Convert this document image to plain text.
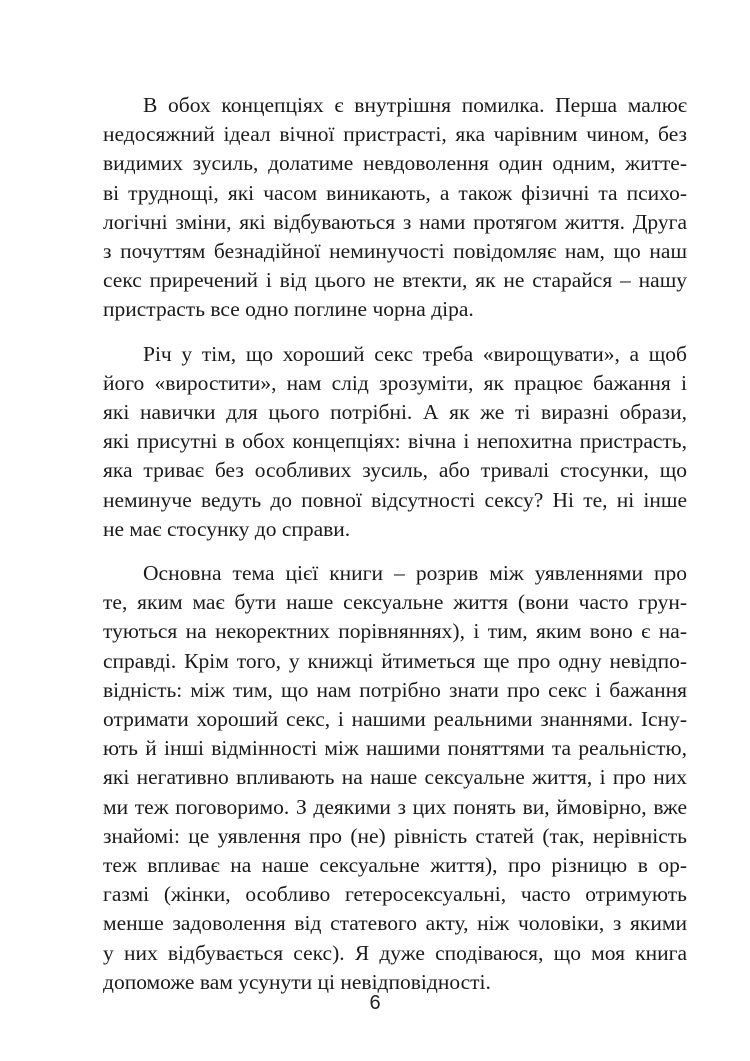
В обох концепціях є внутрішня помилка. Перша малює
недосяжний ідеал вічної пристрасті, яка чарівним чином, без
видимих зусиль, долатиме невдоволення один одним, житте-
ві труднощі, які часом виникають, а також фізичні та психо-
логічні зміни, які відбуваються з нами протягом життя. Друга
з почуттям безнадійної неминучості повідомляє нам, що наш
секс приречений і від цього не втекти, як не старайся – нашу
пристрасть все одно поглине чорна діра.

Річ у тім, що хороший секс треба «вирощувати», а щоб
його «виростити», нам слід зрозуміти, як працює бажання і
які навички для цього потрібні. А як же ті виразні образи,
які присутні в обох концепціях: вічна і непохитна пристрасть,
яка триває без особливих зусиль, або тривалі стосунки, що
неминуче ведуть до повної відсутності сексу? Ні те, ні інше
не має стосунку до справи.

Основна тема цієї книги – розрив між уявленнями про
те, яким має бути наше сексуальне життя (вони часто грун-
туються на некоректних порівняннях), і тим, яким воно є на-
справді. Крім того, у книжці йтиметься ще про одну невідпо-
відність: між тим, що нам потрібно знати про секс і бажання
отримати хороший секс, і нашими реальними знаннями. Існу-
ють й інші відмінності між нашими поняттями та реальністю,
які негативно впливають на наше сексуальне життя, і про них
ми теж поговоримо. З деякими з цих понять ви, ймовірно, вже
знайомі: це уявлення про (не) рівність статей (так, нерівність
теж впливає на наше сексуальне життя), про різницю в ор-
газмі (жінки, особливо гетеросексуальні, часто отримують
менше задоволення від статевого акту, ніж чоловіки, з якими
у них відбувається секс). Я дуже сподіваюся, що моя книга
допоможе вам усунути ці невідповідності.

6
